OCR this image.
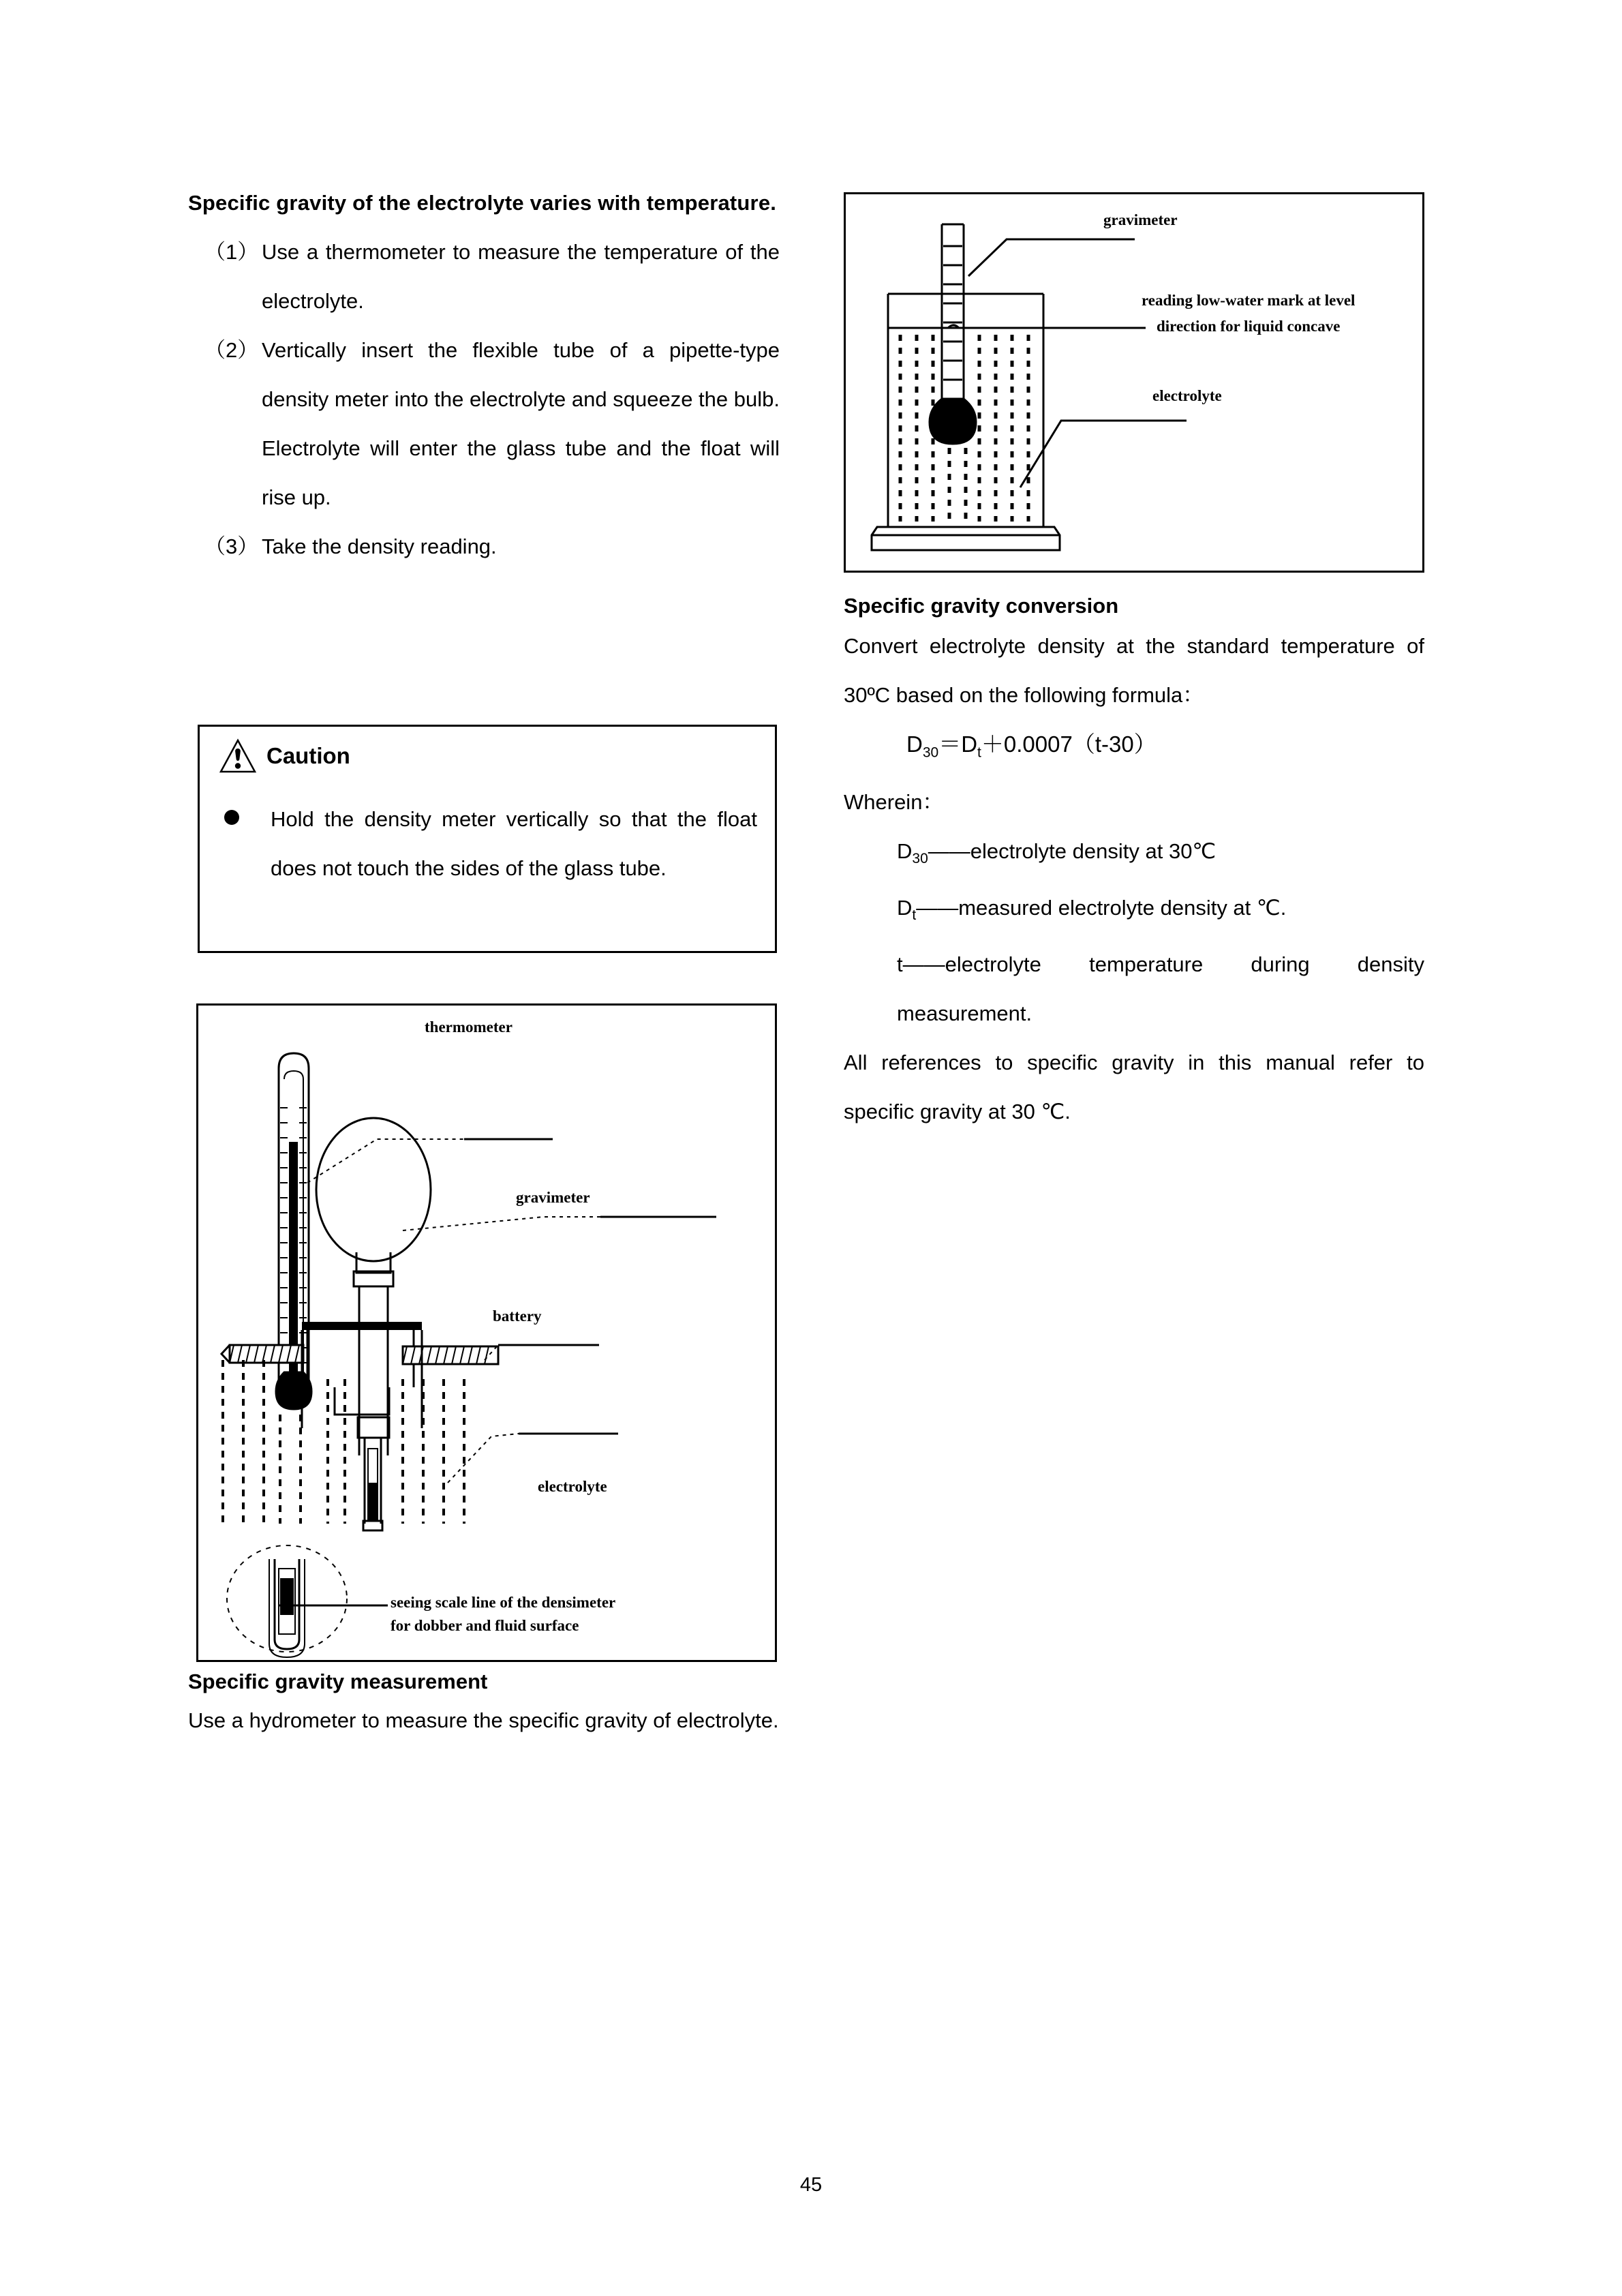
Specific gravity of the electrolyte varies with temperature.
（1） Use a thermometer to measure the temperature of the electrolyte.
（2） Vertically insert the flexible tube of a pipette-type density meter into the electrolyte and squeeze the bulb. Electrolyte will enter the glass tube and the float will rise up.
（3） Take the density reading.
Caution
Hold the density meter vertically so that the float does not touch the sides of the glass tube.
thermometer
gravimeter
battery
electrolyte
seeing scale line of the densimeter
for dobber and fluid surface
Specific gravity measurement
Use a hydrometer to measure the specific gravity of electrolyte.
gravimeter
reading low-water mark at level
direction for liquid concave
electrolyte
Specific gravity conversion
Convert electrolyte density at the standard temperature of 30ºC based on the following formula：
$D_{30}=D_t+0.0007(t-30)$
Wherein：
$D_{30}——electrolyte$ density at 30℃
$D_t——measured$ electrolyte density at ℃.
t——electrolyte temperature during density measurement.
All references to specific gravity in this manual refer to specific gravity at 30 ℃.
45
